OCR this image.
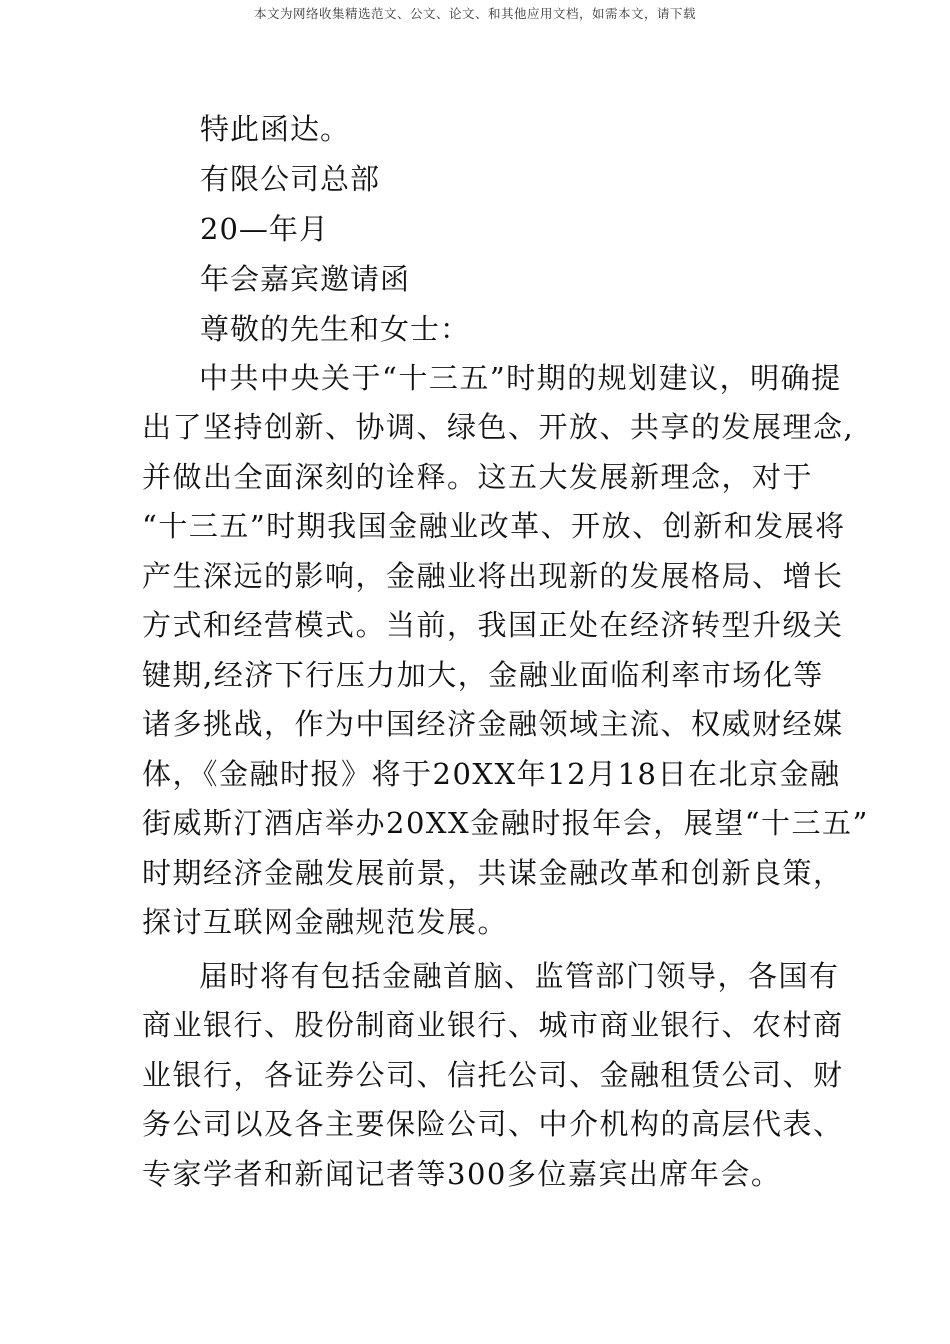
本文为网络收集精选范文、公文、论文、和其他应用文档，如需本文，请下载
特此函达。
有限公司总部
20—年月
年会嘉宾邀请函
尊敬的先生和女士：
中共中央关于“十三五”时期的规划建议，明确提
出了坚持创新、协调、绿色、开放、共享的发展理念,
并做出全面深刻的诠释。这五大发展新理念，对于
“十三五”时期我国金融业改革、开放、创新和发展将
产生深远的影响，金融业将出现新的发展格局、增长
方式和经营模式。当前，我国正处在经济转型升级关
键期,经济下行压力加大，金融业面临利率市场化等
诸多挑战，作为中国经济金融领域主流、权威财经媒
体，《金融时报》将于20XX年12月18日在北京金融
街威斯汀酒店举办20XX金融时报年会，展望“十三五”
时期经济金融发展前景，共谋金融改革和创新良策，
探讨互联网金融规范发展。
届时将有包括金融首脑、监管部门领导，各国有
商业银行、股份制商业银行、城市商业银行、农村商
业银行，各证券公司、信托公司、金融租赁公司、财
务公司以及各主要保险公司、中介机构的高层代表、
专家学者和新闻记者等300多位嘉宾出席年会。
